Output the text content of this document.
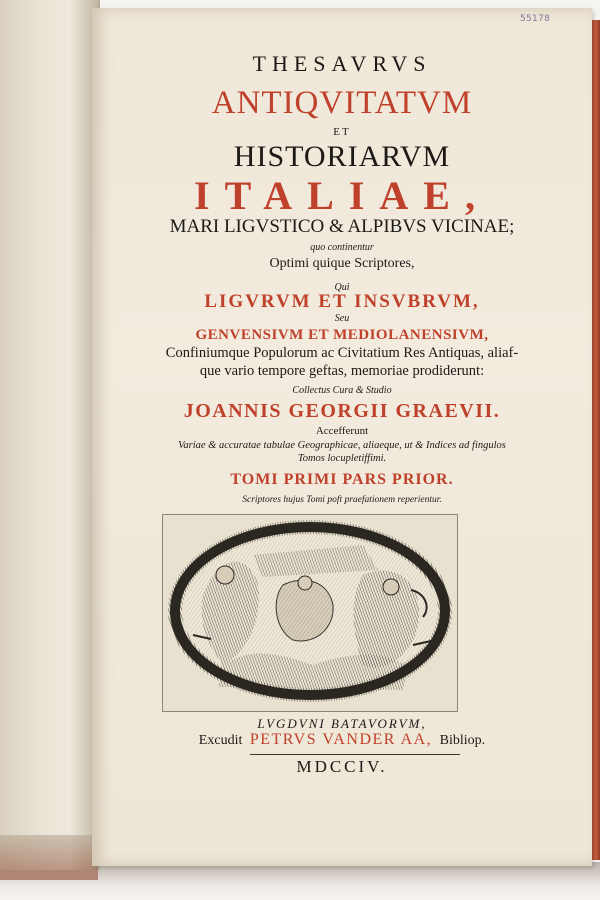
55178
THESAVRVS
ANTIQVITATVM
ET
HISTORIARVM
ITALIAE,
MARI LIGVSTICO & ALPIBVS VICINAE;
quo continentur
Optimi quique Scriptores,
Qui
LIGVRVM ET INSVBRVM,
Seu
GENVENSIVM ET MEDIOLANENSIVM,
Confiniumque Populorum ac Civitatium Res Antiquas, aliaf-
que vario tempore geftas, memoriae prodiderunt:
Collectus Cura & Studio
JOANNIS GEORGII GRAEVII.
Accefferunt
Variae & accuratae tabulae Geographicae, aliaeque, ut & Indices ad fingulos
Tomos locupletiffimi.
TOMI PRIMI PARS PRIOR.
Scriptores hujus Tomi poft praefationem reperientur.
LVGDVNI BATAVORVM,
Excudit PETRVS VANDER AA, Bibliop.
MDCCIV.
